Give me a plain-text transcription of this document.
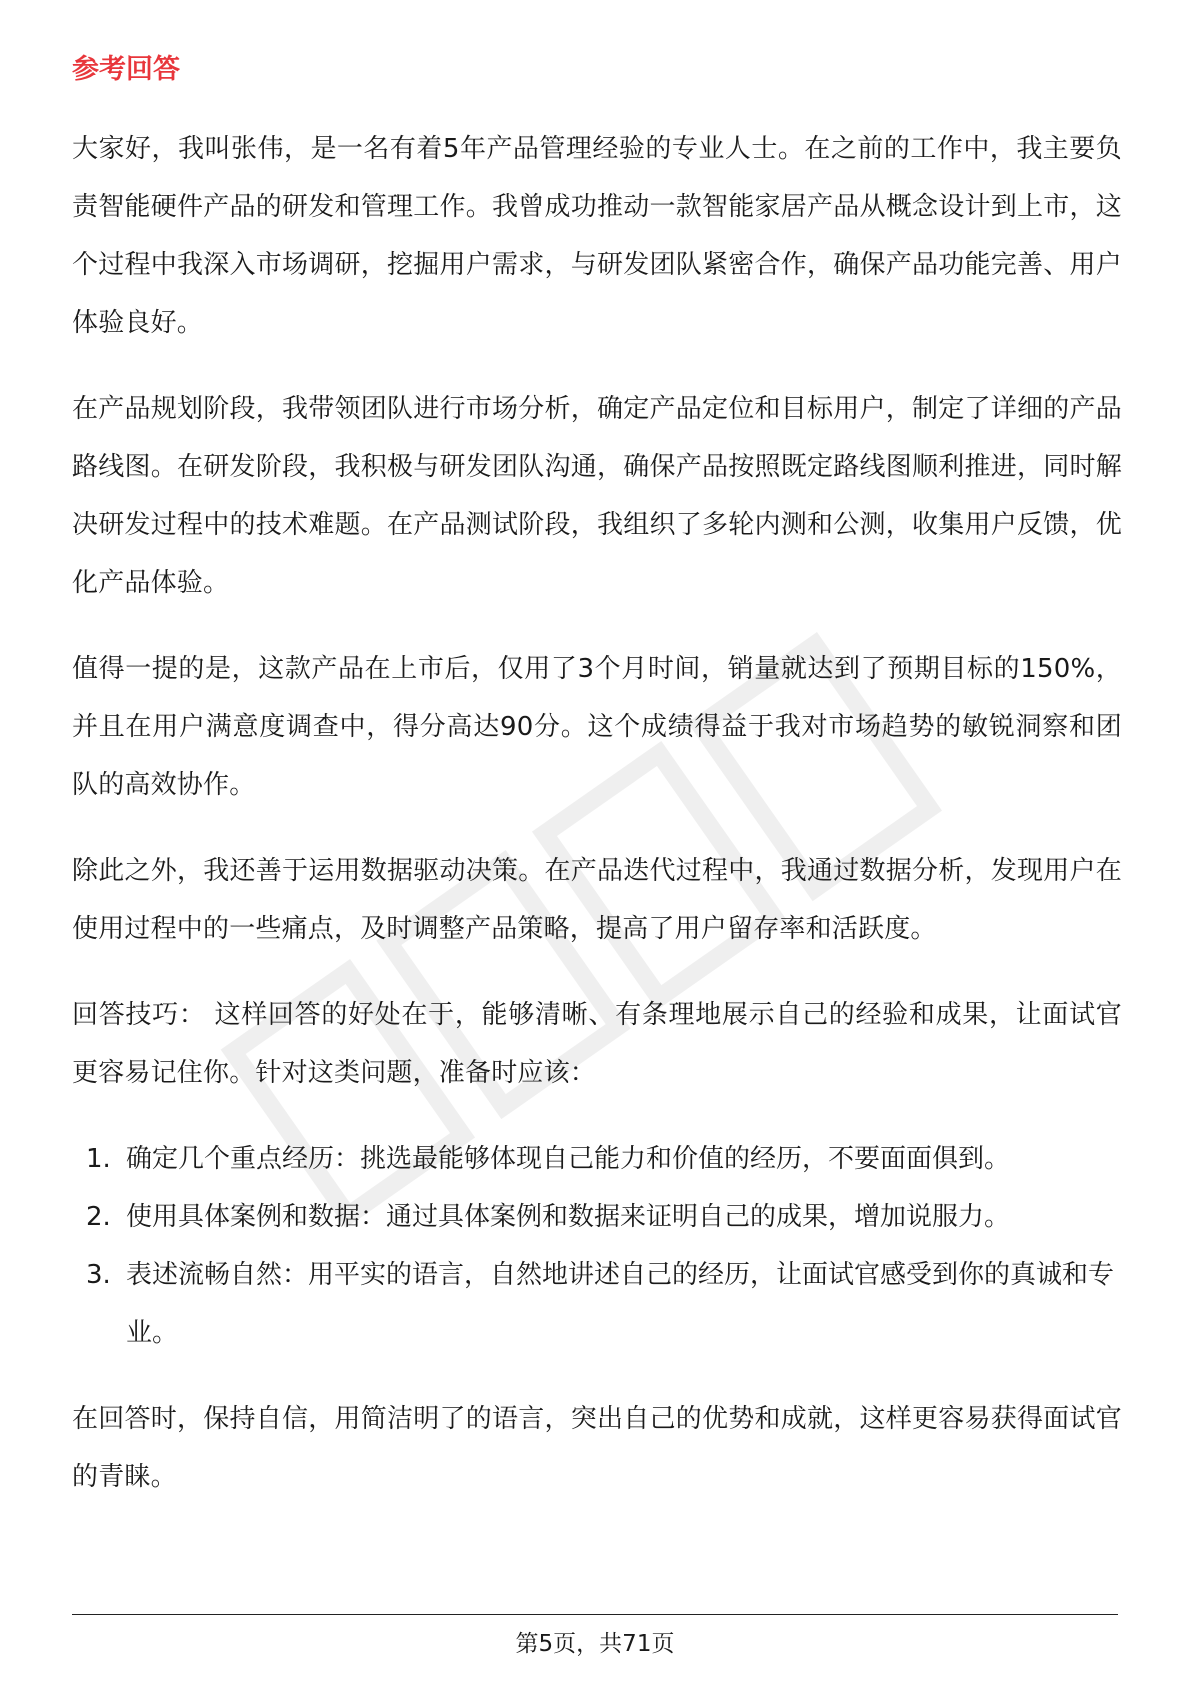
参考回答

大家好，我叫张伟，是一名有着5年产品管理经验的专业人士。在之前的工作中，我主要负责智能硬件产品的研发和管理工作。我曾成功推动一款智能家居产品从概念设计到上市，这个过程中我深入市场调研，挖掘用户需求，与研发团队紧密合作，确保产品功能完善、用户体验良好。

在产品规划阶段，我带领团队进行市场分析，确定产品定位和目标用户，制定了详细的产品路线图。在研发阶段，我积极与研发团队沟通，确保产品按照既定路线图顺利推进，同时解决研发过程中的技术难题。在产品测试阶段，我组织了多轮内测和公测，收集用户反馈，优化产品体验。

值得一提的是，这款产品在上市后，仅用了3个月时间，销量就达到了预期目标的150%，并且在用户满意度调查中，得分高达90分。这个成绩得益于我对市场趋势的敏锐洞察和团队的高效协作。

除此之外，我还善于运用数据驱动决策。在产品迭代过程中，我通过数据分析，发现用户在使用过程中的一些痛点，及时调整产品策略，提高了用户留存率和活跃度。

回答技巧： 这样回答的好处在于，能够清晰、有条理地展示自己的经验和成果，让面试官更容易记住你。针对这类问题，准备时应该：

1. 确定几个重点经历：挑选最能够体现自己能力和价值的经历，不要面面俱到。
2. 使用具体案例和数据：通过具体案例和数据来证明自己的成果，增加说服力。
3. 表述流畅自然：用平实的语言，自然地讲述自己的经历，让面试官感受到你的真诚和专业。

在回答时，保持自信，用简洁明了的语言，突出自己的优势和成就，这样更容易获得面试官的青睐。

第5页，共71页
